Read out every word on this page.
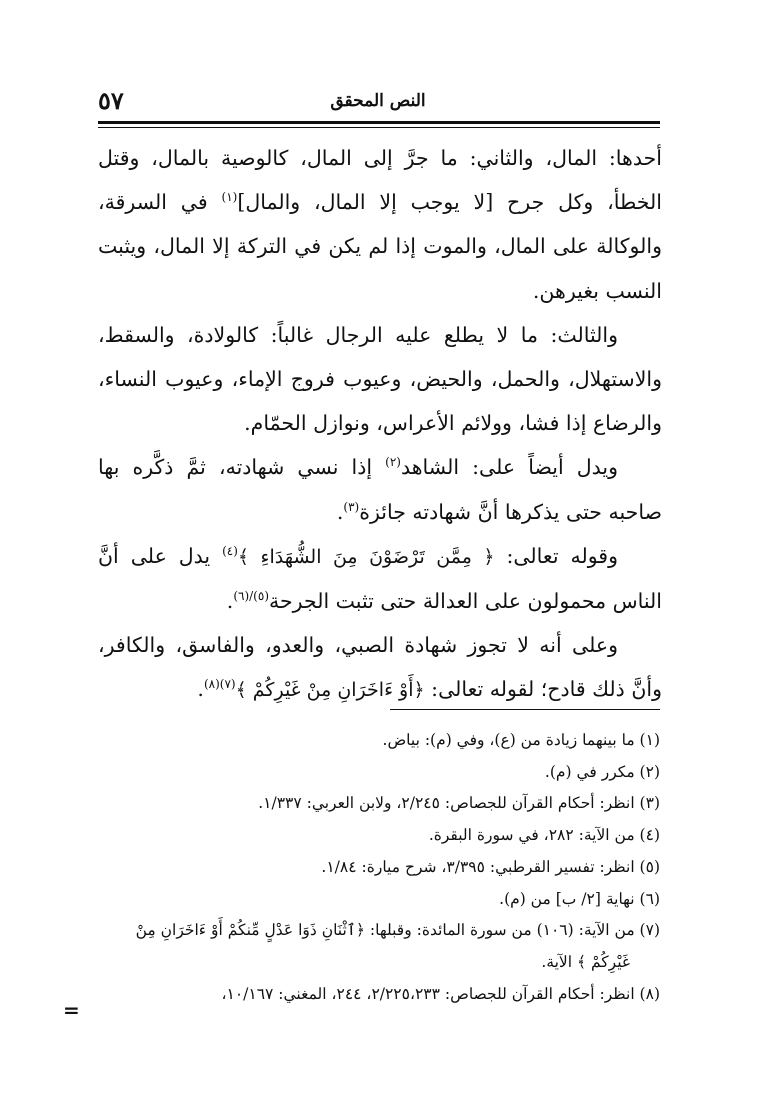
٥٧	النص المحقق

أحدها: المال، والثاني: ما جرَّ إلى المال، كالوصية بالمال، وقتل الخطأ، وكل جرح [لا يوجب إلا المال، والمال]$^{(١)}$ في السرقة، والوكالة على المال، والموت إذا لم يكن في التركة إلا المال، ويثبت النسب بغيرهن.

والثالث: ما لا يطلع عليه الرجال غالباً: كالولادة، والسقط، والاستهلال، والحمل، والحيض، وعيوب فروج الإماء، وعيوب النساء، والرضاع إذا فشا، وولائم الأعراس، ونوازل الحمّام.

ويدل أيضاً على: الشاهد$^{(٢)}$ إذا نسي شهادته، ثمَّ ذكَّره بها صاحبه حتى يذكرها أنَّ شهادته جائزة$^{(٣)}$.

وقوله تعالى: ﴿ مِمَّن تَرْضَوْنَ مِنَ الشُّهَدَاءِ ﴾$^{(٤)}$ يدل على أنَّ الناس محمولون على العدالة حتى تثبت الجرحة$^{(٥)/(٦)}$.

وعلى أنه لا تجوز شهادة الصبي، والعدو، والفاسق، والكافر، وأنَّ ذلك قادح؛ لقوله تعالى: ﴿أَوْ ءَاخَرَانِ مِنْ غَيْرِكُمْ ﴾$^{(٧)(٨)}$.

(١) ما بينهما زيادة من (ع)، وفي (م): بياض.

(٢) مكرر في (م).

(٣) انظر: أحكام القرآن للجصاص: ٢/٢٤٥، ولابن العربي: ١/٣٣٧.

(٤) من الآية: ٢٨٢، في سورة البقرة.

(٥) انظر: تفسير القرطبي: ٣/٣٩٥، شرح ميارة: ١/٨٤.

(٦) نهاية [٢/ ب] من (م).

(٧) من الآية: (١٠٦) من سورة المائدة: وقبلها: ﴿ٱثْنَانِ ذَوَا عَدْلٍ مِّنكُمْ أَوْ ءَاخَرَانِ مِنْ

غَيْرِكُمْ ﴾ الآية.

(٨) انظر: أحكام القرآن للجصاص: ٢/٢٢٥،٢٣٣، ٢٤٤، المغني: ١٠/١٦٧،

=
